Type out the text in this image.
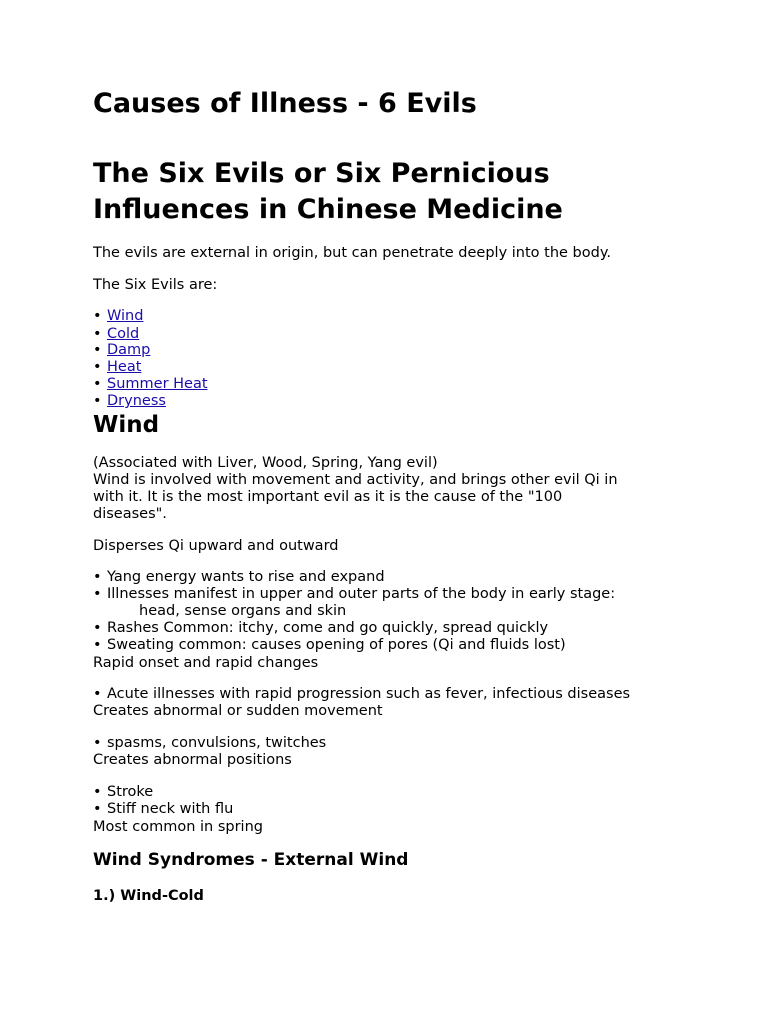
Causes of Illness - 6 Evils
The Six Evils or Six Pernicious
Influences in Chinese Medicine

The evils are external in origin, but can penetrate deeply into the body.

The Six Evils are:

• Wind
• Cold
• Damp
• Heat
• Summer Heat
• Dryness
Wind
(Associated with Liver, Wood, Spring, Yang evil)
Wind is involved with movement and activity, and brings other evil Qi in
with it. It is the most important evil as it is the cause of the "100
diseases".
Disperses Qi upward and outward
• Yang energy wants to rise and expand
• Illnesses manifest in upper and outer parts of the body in early stage:
head, sense organs and skin
• Rashes Common: itchy, come and go quickly, spread quickly
• Sweating common: causes opening of pores (Qi and fluids lost)
Rapid onset and rapid changes
• Acute illnesses with rapid progression such as fever, infectious diseases
Creates abnormal or sudden movement
• spasms, convulsions, twitches
Creates abnormal positions
• Stroke
• Stiff neck with flu
Most common in spring
Wind Syndromes - External Wind
1.) Wind-Cold
